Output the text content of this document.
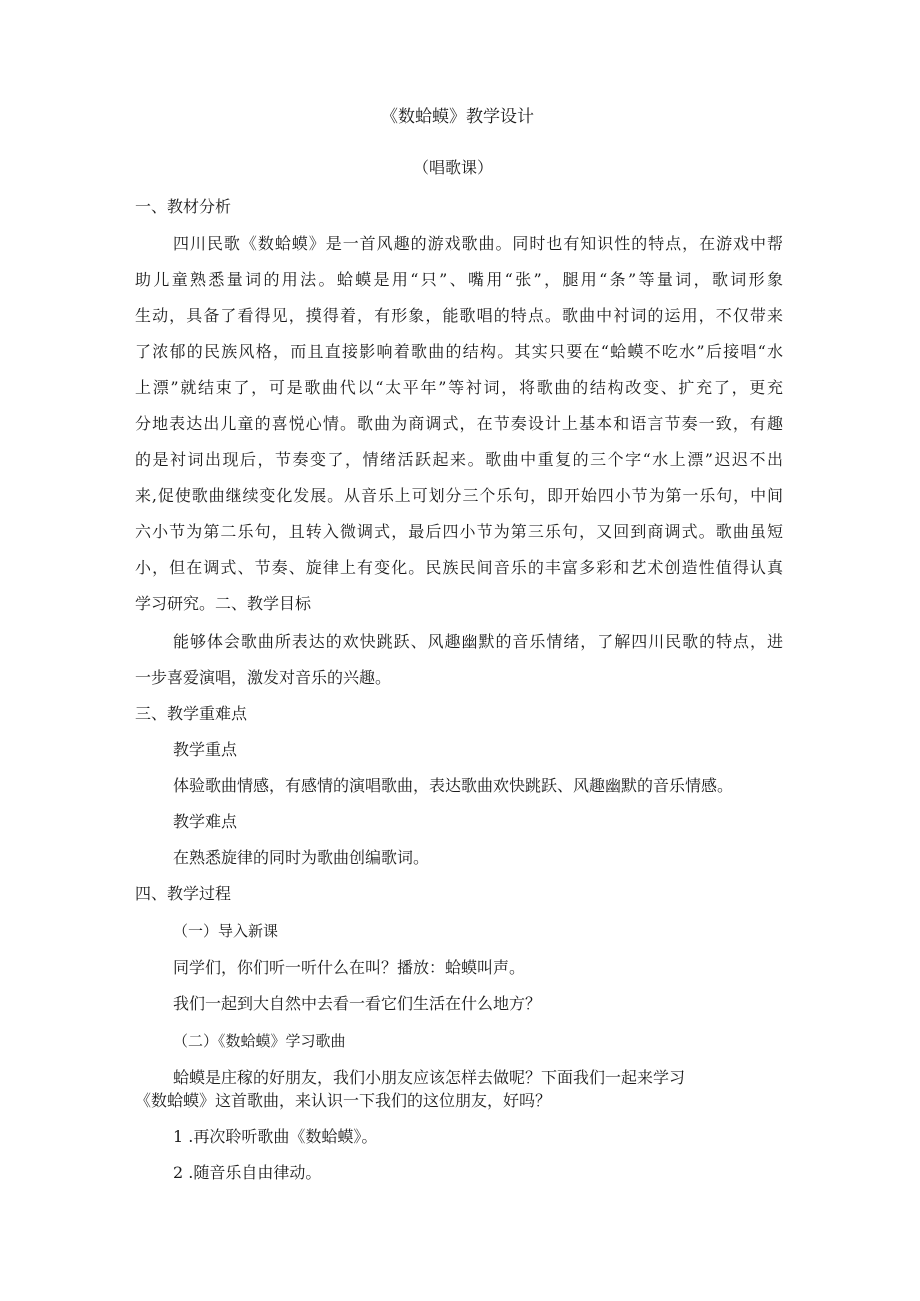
《数蛤蟆》教学设计
（唱歌课）
一、教材分析
四川民歌《数蛤蟆》是一首风趣的游戏歌曲。同时也有知识性的特点，在游戏中帮
助儿童熟悉量词的用法。蛤蟆是用“只”、嘴用“张”，腿用“条”等量词，歌词形象
生动，具备了看得见，摸得着，有形象，能歌唱的特点。歌曲中衬词的运用，不仅带来
了浓郁的民族风格，而且直接影响着歌曲的结构。其实只要在“蛤蟆不吃水”后接唱“水
上漂”就结束了，可是歌曲代以“太平年”等衬词，将歌曲的结构改变、扩充了，更充
分地表达出儿童的喜悦心情。歌曲为商调式，在节奏设计上基本和语言节奏一致，有趣
的是衬词出现后，节奏变了，情绪活跃起来。歌曲中重复的三个字“水上漂”迟迟不出
来,促使歌曲继续变化发展。从音乐上可划分三个乐句，即开始四小节为第一乐句，中间
六小节为第二乐句，且转入微调式，最后四小节为第三乐句，又回到商调式。歌曲虽短
小，但在调式、节奏、旋律上有变化。民族民间音乐的丰富多彩和艺术创造性值得认真
学习研究。二、教学目标
能够体会歌曲所表达的欢快跳跃、风趣幽默的音乐情绪，了解四川民歌的特点，进
一步喜爱演唱，激发对音乐的兴趣。
三、教学重难点
教学重点
体验歌曲情感，有感情的演唱歌曲，表达歌曲欢快跳跃、风趣幽默的音乐情感。
教学难点
在熟悉旋律的同时为歌曲创编歌词。
四、教学过程
（一）导入新课
同学们，你们听一听什么在叫？播放：蛤蟆叫声。
我们一起到大自然中去看一看它们生活在什么地方？
（二）《数蛤蟆》学习歌曲
蛤蟆是庄稼的好朋友，我们小朋友应该怎样去做呢？下面我们一起来学习
《数蛤蟆》这首歌曲，来认识一下我们的这位朋友，好吗？
1 .再次聆听歌曲《数蛤蟆》。
2 .随音乐自由律动。
